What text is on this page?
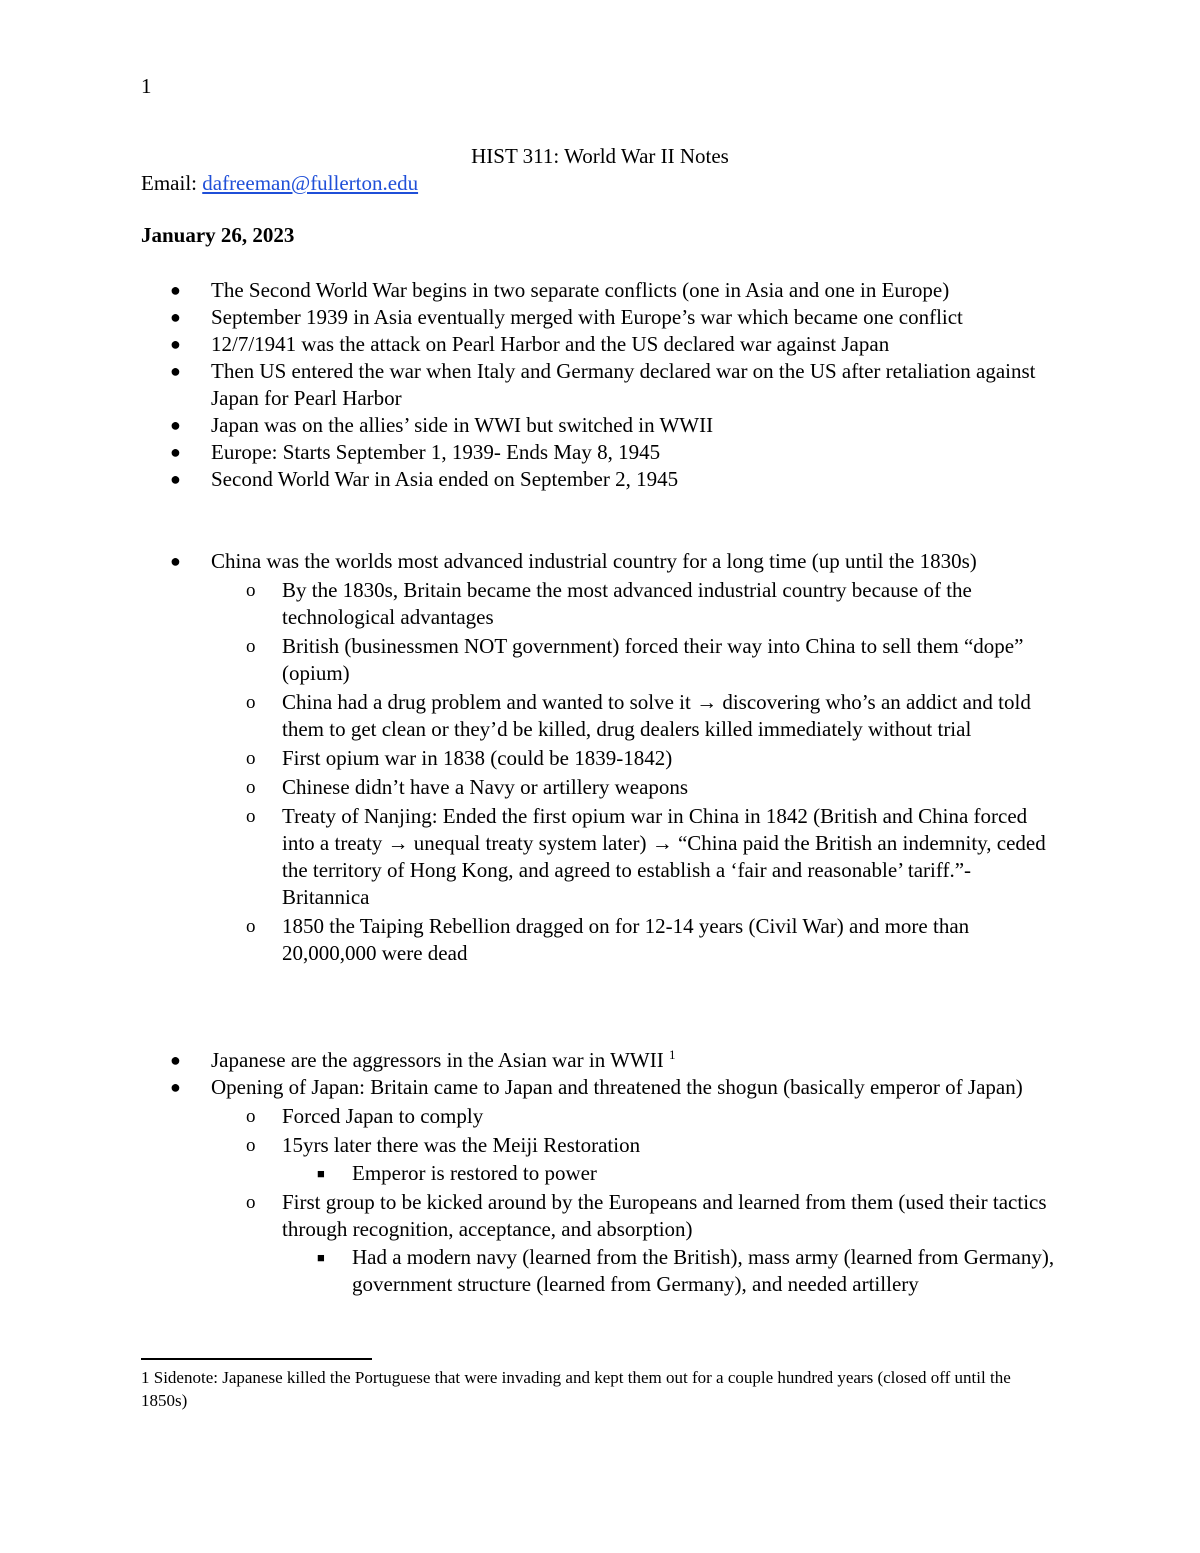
1
HIST 311: World War II Notes
Email: dafreeman@fullerton.edu
January 26, 2023
● The Second World War begins in two separate conflicts (one in Asia and one in Europe)
● September 1939 in Asia eventually merged with Europe’s war which became one conflict
● 12/7/1941 was the attack on Pearl Harbor and the US declared war against Japan
● Then US entered the war when Italy and Germany declared war on the US after retaliation against Japan for Pearl Harbor
● Japan was on the allies’ side in WWI but switched in WWII
● Europe: Starts September 1, 1939- Ends May 8, 1945
● Second World War in Asia ended on September 2, 1945
● China was the worlds most advanced industrial country for a long time (up until the 1830s)
o By the 1830s, Britain became the most advanced industrial country because of the technological advantages
o British (businessmen NOT government) forced their way into China to sell them “dope” (opium)
o China had a drug problem and wanted to solve it → discovering who’s an addict and told them to get clean or they’d be killed, drug dealers killed immediately without trial
o First opium war in 1838 (could be 1839-1842)
o Chinese didn’t have a Navy or artillery weapons
o Treaty of Nanjing: Ended the first opium war in China in 1842 (British and China forced into a treaty → unequal treaty system later) → “China paid the British an indemnity, ceded the territory of Hong Kong, and agreed to establish a ‘fair and reasonable’ tariff.”- Britannica
o 1850 the Taiping Rebellion dragged on for 12-14 years (Civil War) and more than 20,000,000 were dead
● Japanese are the aggressors in the Asian war in WWII $^1$
● Opening of Japan: Britain came to Japan and threatened the shogun (basically emperor of Japan)
o Forced Japan to comply
o 15yrs later there was the Meiji Restoration
■ Emperor is restored to power
o First group to be kicked around by the Europeans and learned from them (used their tactics through recognition, acceptance, and absorption)
■ Had a modern navy (learned from the British), mass army (learned from Germany), government structure (learned from Germany), and needed artillery
1 Sidenote: Japanese killed the Portuguese that were invading and kept them out for a couple hundred years (closed off until the 1850s)
